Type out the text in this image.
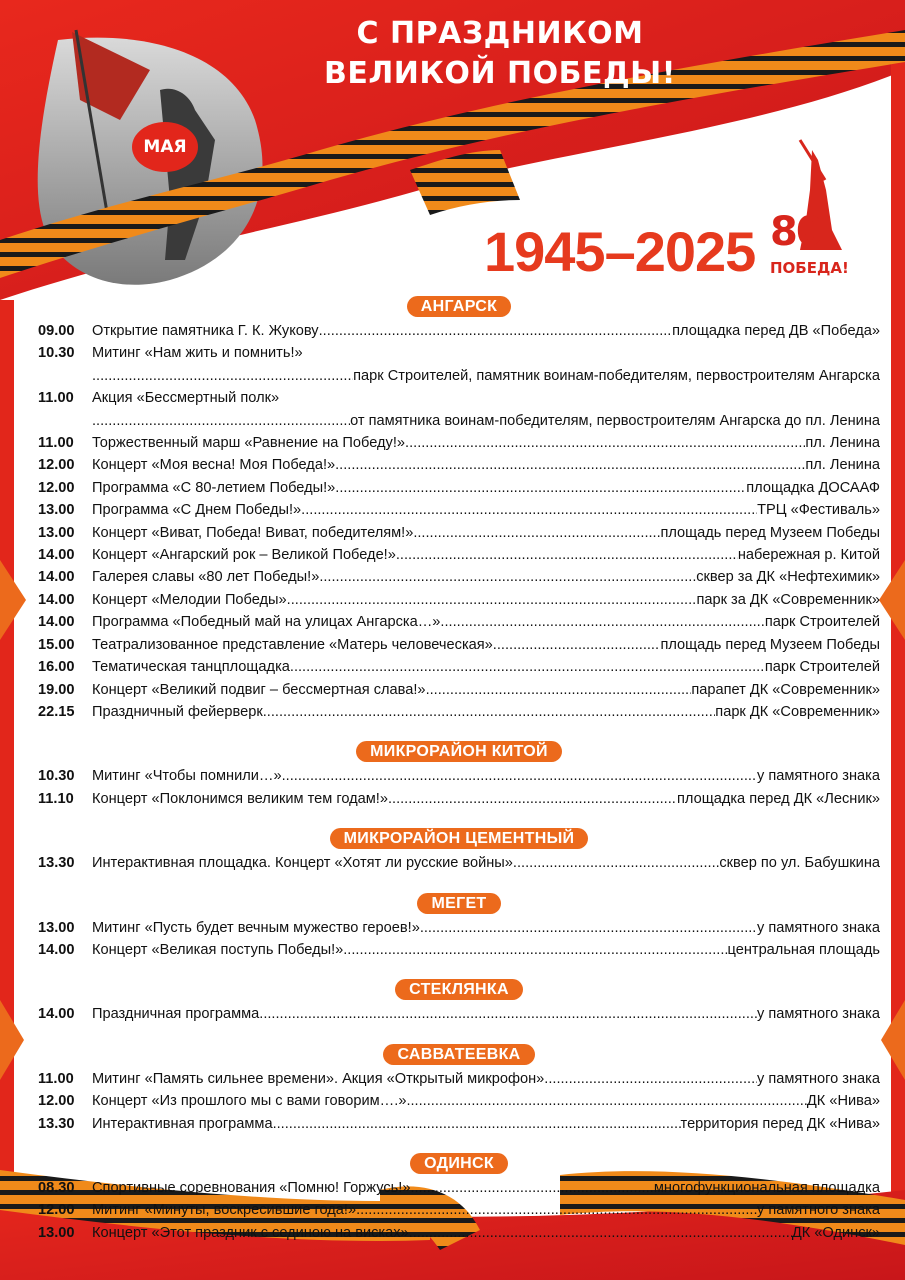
С ПРАЗДНИКОМ
ВЕЛИКОЙ ПОБЕДЫ!
МАЯ
1945–2025 80
ПОБЕДА!
АНГАРСК
09.00	Открытие памятника Г. К. Жукову .....	площадка перед ДВ «Победа»
10.30	Митинг «Нам жить и помнить!»
.....
парк Строителей, памятник воинам-победителям, первостроителям Ангарска
11.00	Акция «Бессмертный полк»
.....
от памятника воинам-победителям, первостроителям Ангарска до пл. Ленина
11.00	Торжественный марш «Равнение на Победу!» .....	пл. Ленина
12.00	Концерт «Моя весна! Моя Победа!» .....	пл. Ленина
12.00	Программа «С 80-летием Победы!» .....	площадка ДОСААФ
13.00	Программа «С Днем Победы!» .....	ТРЦ «Фестиваль»
13.00	Концерт «Виват, Победа! Виват, победителям!» .....	площадь перед Музеем Победы
14.00	Концерт «Ангарский рок – Великой Победе!» .....	набережная р. Китой
14.00	Галерея славы «80 лет Победы!» .....	сквер за ДК «Нефтехимик»
14.00	Концерт «Мелодии Победы» .....	парк за ДК «Современник»
14.00	Программа «Победный май на улицах Ангарска…» .....	парк Строителей
15.00	Театрализованное представление «Матерь человеческая» .....	площадь перед Музеем Победы
16.00	Тематическая танцплощадка .....	парк Строителей
19.00	Концерт «Великий подвиг – бессмертная слава!» .....	парапет ДК «Современник»
22.15	Праздничный фейерверк .....	парк ДК «Современник»
МИКРОРАЙОН КИТОЙ
10.30	Митинг «Чтобы помнили…» .....	у памятного знака
11.10	Концерт «Поклонимся великим тем годам!» .....	площадка перед ДК «Лесник»
МИКРОРАЙОН ЦЕМЕНТНЫЙ
13.30	Интерактивная площадка. Концерт «Хотят ли русские войны» .....	сквер по ул. Бабушкина
МЕГЕТ
13.00	Митинг «Пусть будет вечным мужество героев!» .....	у памятного знака
14.00	Концерт «Великая поступь Победы!» .....	центральная площадь
СТЕКЛЯНКА
14.00	Праздничная программа .....	у памятного знака
САВВАТЕЕВКА
11.00	Митинг «Память сильнее времени». Акция «Открытый микрофон» .....	у памятного знака
12.00	Концерт «Из прошлого мы с вами говорим….» .....	ДК «Нива»
13.30	Интерактивная программа .....	территория перед ДК «Нива»
ОДИНСК
08.30	Спортивные соревнования «Помню! Горжусь!» .....	многофункциональная площадка
12.00	Митинг «Минуты, воскресившие года!» .....	у памятного знака
13.00	Концерт «Этот праздник с сединою на висках» .....	ДК «Одинск»
